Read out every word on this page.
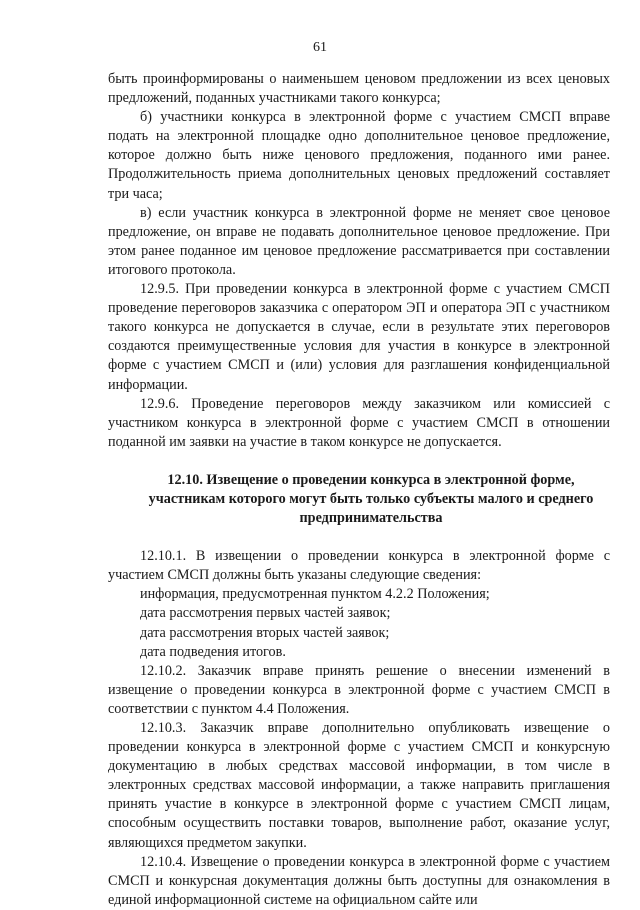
61

быть проинформированы о наименьшем ценовом предложении из всех ценовых предложений, поданных участниками такого конкурса;

б) участники конкурса в электронной форме с участием СМСП вправе подать на электронной площадке одно дополнительное ценовое предложение, которое должно быть ниже ценового предложения, поданного ими ранее. Продолжительность приема дополнительных ценовых предложений составляет три часа;

в) если участник конкурса в электронной форме не меняет свое ценовое предложение, он вправе не подавать дополнительное ценовое предложение. При этом ранее поданное им ценовое предложение рассматривается при составлении итогового протокола.

12.9.5. При проведении конкурса в электронной форме с участием СМСП проведение переговоров заказчика с оператором ЭП и оператора ЭП с участником такого конкурса не допускается в случае, если в результате этих переговоров создаются преимущественные условия для участия в конкурсе в электронной форме с участием СМСП и (или) условия для разглашения конфиденциальной информации.

12.9.6. Проведение переговоров между заказчиком или комиссией с участником конкурса в электронной форме с участием СМСП в отношении поданной им заявки на участие в таком конкурсе не допускается.

12.10. Извещение о проведении конкурса в электронной форме, участникам которого могут быть только субъекты малого и среднего предпринимательства

12.10.1. В извещении о проведении конкурса в электронной форме с участием СМСП должны быть указаны следующие сведения:

информация, предусмотренная пунктом 4.2.2 Положения;

дата рассмотрения первых частей заявок;

дата рассмотрения вторых частей заявок;

дата подведения итогов.

12.10.2. Заказчик вправе принять решение о внесении изменений в извещение о проведении конкурса в электронной форме с участием СМСП в соответствии с пунктом 4.4 Положения.

12.10.3. Заказчик вправе дополнительно опубликовать извещение о проведении конкурса в электронной форме с участием СМСП и конкурсную документацию в любых средствах массовой информации, в том числе в электронных средствах массовой информации, а также направить приглашения принять участие в конкурсе в электронной форме с участием СМСП лицам, способным осуществить поставки товаров, выполнение работ, оказание услуг, являющихся предметом закупки.

12.10.4. Извещение о проведении конкурса в электронной форме с участием СМСП и конкурсная документация должны быть доступны для ознакомления в единой информационной системе на официальном сайте или
